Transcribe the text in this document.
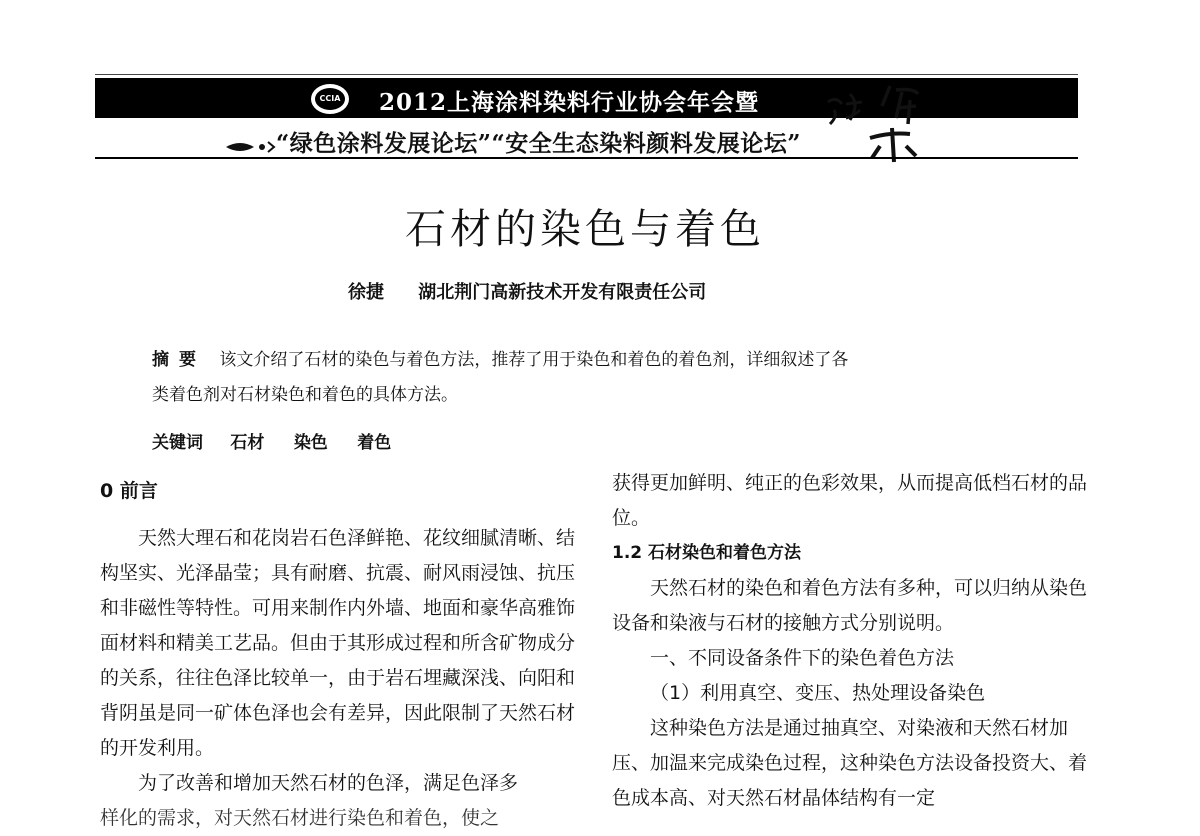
CCIA 2012上海涂料染料行业协会年会暨
“绿色涂料发展论坛”“安全生态染料颜料发展论坛”
石材的染色与着色
徐捷 湖北荆门高新技术开发有限责任公司
摘要 该文介绍了石材的染色与着色方法，推荐了用于染色和着色的着色剂，详细叙述了各
类着色剂对石材染色和着色的具体方法。
关键词 石材 染色 着色

0 前言

天然大理石和花岗岩石色泽鲜艳、花纹细腻清晰、结构坚实、光泽晶莹；具有耐磨、抗震、耐风雨浸蚀、抗压和非磁性等特性。可用来制作内外墙、地面和豪华高雅饰面材料和精美工艺品。但由于其形成过程和所含矿物成分的关系，往往色泽比较单一，由于岩石埋藏深浅、向阳和背阴虽是同一矿体色泽也会有差异，因此限制了天然石材的开发利用。

为了改善和增加天然石材的色泽，满足色泽多

样化的需求，对天然石材进行染色和着色，使之

获得更加鲜明、纯正的色彩效果，从而提高低档石材的品位。

1.2 石材染色和着色方法

天然石材的染色和着色方法有多种，可以归纳从染色设备和染液与石材的接触方式分别说明。

一、不同设备条件下的染色着色方法

（1）利用真空、变压、热处理设备染色

这种染色方法是通过抽真空、对染液和天然石材加压、加温来完成染色过程，这种染色方法设备投资大、着色成本高、对天然石材晶体结构有一定
